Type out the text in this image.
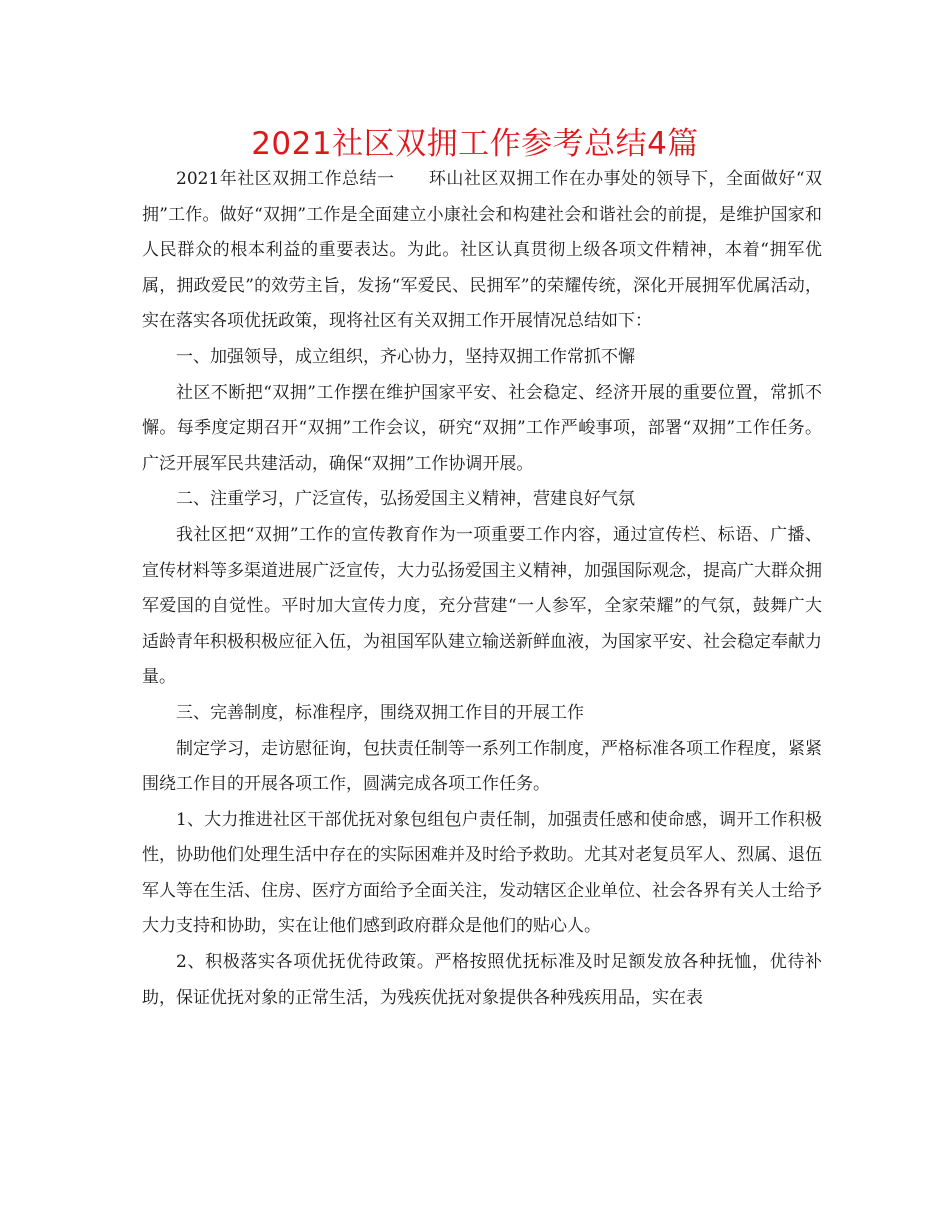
2021社区双拥工作参考总结4篇

2021年社区双拥工作总结一 环山社区双拥工作在办事处的领导下，全面做好“双拥”工作。做好“双拥”工作是全面建立小康社会和构建社会和谐社会的前提，是维护国家和人民群众的根本利益的重要表达。为此。社区认真贯彻上级各项文件精神，本着“拥军优属，拥政爱民”的效劳主旨，发扬“军爱民、民拥军”的荣耀传统，深化开展拥军优属活动，实在落实各项优抚政策，现将社区有关双拥工作开展情况总结如下：

一、加强领导，成立组织，齐心协力，坚持双拥工作常抓不懈

社区不断把“双拥”工作摆在维护国家平安、社会稳定、经济开展的重要位置，常抓不懈。每季度定期召开“双拥”工作会议，研究“双拥”工作严峻事项，部署“双拥”工作任务。广泛开展军民共建活动，确保“双拥”工作协调开展。

二、注重学习，广泛宣传，弘扬爱国主义精神，营建良好气氛

我社区把“双拥”工作的宣传教育作为一项重要工作内容，通过宣传栏、标语、广播、宣传材料等多渠道进展广泛宣传，大力弘扬爱国主义精神，加强国际观念，提高广大群众拥军爱国的自觉性。平时加大宣传力度，充分营建“一人参军，全家荣耀”的气氛，鼓舞广大适龄青年积极积极应征入伍，为祖国军队建立输送新鲜血液，为国家平安、社会稳定奉献力量。

三、完善制度，标准程序，围绕双拥工作目的开展工作

制定学习，走访慰征询，包扶责任制等一系列工作制度，严格标准各项工作程度，紧紧围绕工作目的开展各项工作，圆满完成各项工作任务。

1、大力推进社区干部优抚对象包组包户责任制，加强责任感和使命感，调开工作积极性，协助他们处理生活中存在的实际困难并及时给予救助。尤其对老复员军人、烈属、退伍军人等在生活、住房、医疗方面给予全面关注，发动辖区企业单位、社会各界有关人士给予大力支持和协助，实在让他们感到政府群众是他们的贴心人。

2、积极落实各项优抚优待政策。严格按照优抚标准及时足额发放各种抚恤，优待补助，保证优抚对象的正常生活，为残疾优抚对象提供各种残疾用品，实在表
